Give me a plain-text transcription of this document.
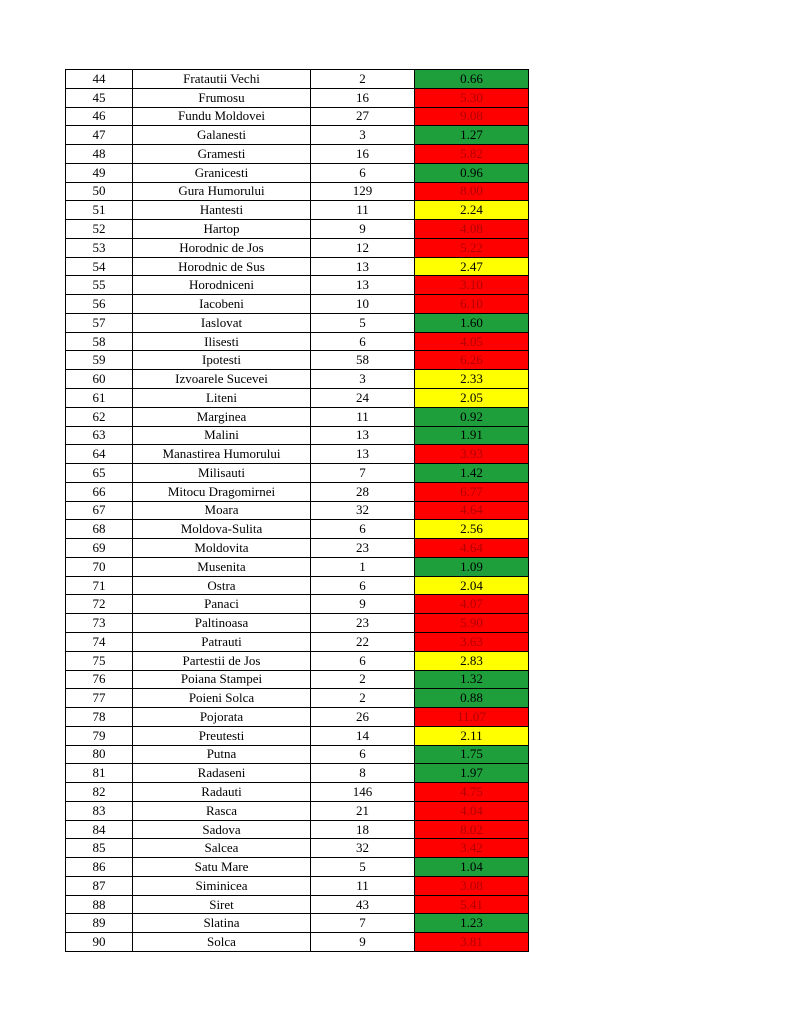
44	Fratautii Vechi	2	0.66
45	Frumosu	16	5.30
46	Fundu Moldovei	27	9.08
47	Galanesti	3	1.27
48	Gramesti	16	5.82
49	Granicesti	6	0.96
50	Gura Humorului	129	8.00
51	Hantesti	11	2.24
52	Hartop	9	4.08
53	Horodnic de Jos	12	5.22
54	Horodnic de Sus	13	2.47
55	Horodniceni	13	3.10
56	Iacobeni	10	6.10
57	Iaslovat	5	1.60
58	Ilisesti	6	4.05
59	Ipotesti	58	6.26
60	Izvoarele Sucevei	3	2.33
61	Liteni	24	2.05
62	Marginea	11	0.92
63	Malini	13	1.91
64	Manastirea Humorului	13	3.93
65	Milisauti	7	1.42
66	Mitocu Dragomirnei	28	6.77
67	Moara	32	4.64
68	Moldova-Sulita	6	2.56
69	Moldovita	23	4.64
70	Musenita	1	1.09
71	Ostra	6	2.04
72	Panaci	9	4.07
73	Paltinoasa	23	5.90
74	Patrauti	22	3.63
75	Partestii de Jos	6	2.83
76	Poiana Stampei	2	1.32
77	Poieni Solca	2	0.88
78	Pojorata	26	11.07
79	Preutesti	14	2.11
80	Putna	6	1.75
81	Radaseni	8	1.97
82	Radauti	146	4.75
83	Rasca	21	4.04
84	Sadova	18	8.02
85	Salcea	32	3.42
86	Satu Mare	5	1.04
87	Siminicea	11	3.08
88	Siret	43	5.41
89	Slatina	7	1.23
90	Solca	9	3.81
